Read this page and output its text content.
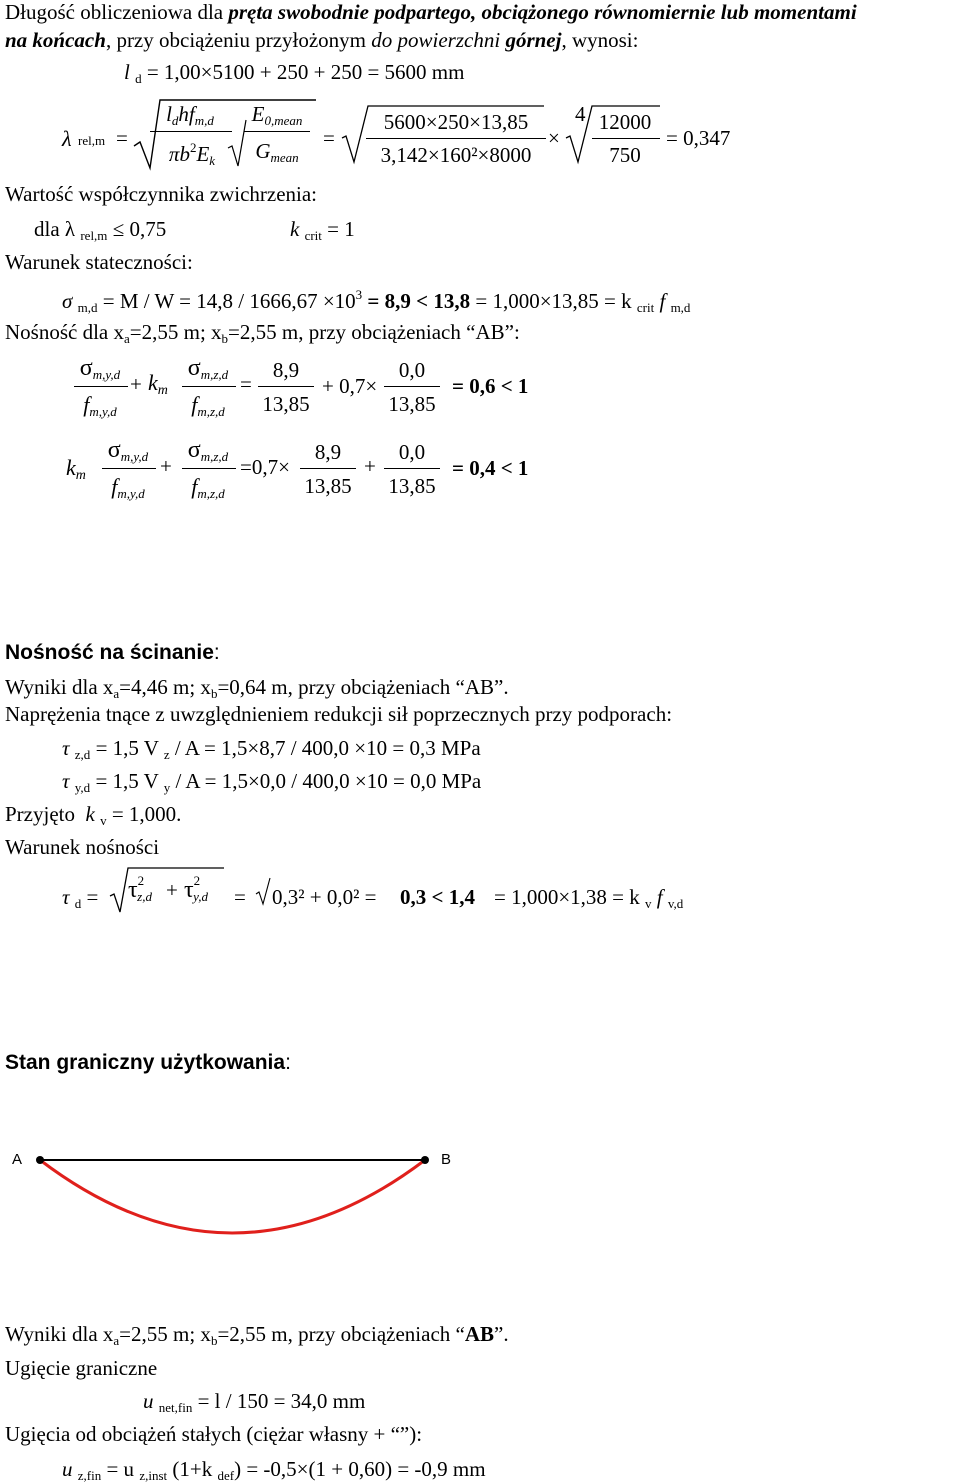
Długość obliczeniowa dla pręta swobodnie podpartego, obciążonego równomiernie lub momentami
na końcach, przy obciążeniu przyłożonym do powierzchni górnej, wynosi:
l $_d$ = 1,00×5100 + 250 + 250 = 5600 mm
λ rel,m =
$l_dhf_{m,d}$
$\pi b^2E_k$
$E_{0,mean}$
$G_{mean}$
=
5600×250×13,85
3,142×160²×8000
×
4 12000
750
= 0,347
Wartość współczynnika zwichrzenia:
dla λ $_{rel,m}$ ≤ 0,75	k $_{crit}$ = 1
Warunek stateczności:
σ $_{m,d} = M / W = 14,8 / 1666,67 \times 10^3 = 8,9 < 13,8 = 1,000\times 13,85 = k$ $_{crit}$ f $_{m,d}$
Nośność dla $x_a=2,55$ m; $x_b=2,55$ m, przy obciążeniach “AB”:
$\sigma_{m,y,d}$
$f_{m,y,d}$
+ $k_m$
$\sigma_{m,z,d}$
$f_{m,z,d}$
=
8,9
13,85
+ 0,7×
0,0
13,85
= 0,6 < 1
$k_m$
$\sigma_{m,y,d}$
$f_{m,y,d}$
+
$\sigma_{m,z,d}$
$f_{m,z,d}$
=0,7×
8,9
13,85
+
0,0
13,85
= 0,4 < 1
Nośność na ścinanie:
Wyniki dla $x_a=4,46$ m; $x_b=0,64$ m, przy obciążeniach “AB”.
Naprężenia tnące z uwzględnieniem redukcji sił poprzecznych przy podporach:
τ $_{z,d}$ = 1,5 V $_z$ / A = 1,5×8,7 / 400,0 ×10 = 0,3 MPa
τ $_{y,d}$ = 1,5 V $_y$ / A = 1,5×0,0 / 400,0 ×10 = 0,0 MPa
Przyjęto k $_v$ = 1,000.
Warunek nośności
τ $_d = \tau^2_{z,d} + \tau^2_{y,d} = 0,3^2 + 0,0^2 = 0,3 < 1,4 = 1,000\times 1,38 = k$ $_v$ f $_{v,d}$
Stan graniczny użytkowania:
A	B
Wyniki dla $x_a=2,55$ m; $x_b=2,55$ m, przy obciążeniach “AB”.
Ugięcie graniczne
u $_{net,fin}$ = l / 150 = 34,0 mm
Ugięcia od obciążeń stałych (ciężar własny + “”):
u $_{z,fin}$ = u $_{z,inst}$ (1+k $_{def}$) = -0,5×(1 + 0,60) = -0,9 mm
